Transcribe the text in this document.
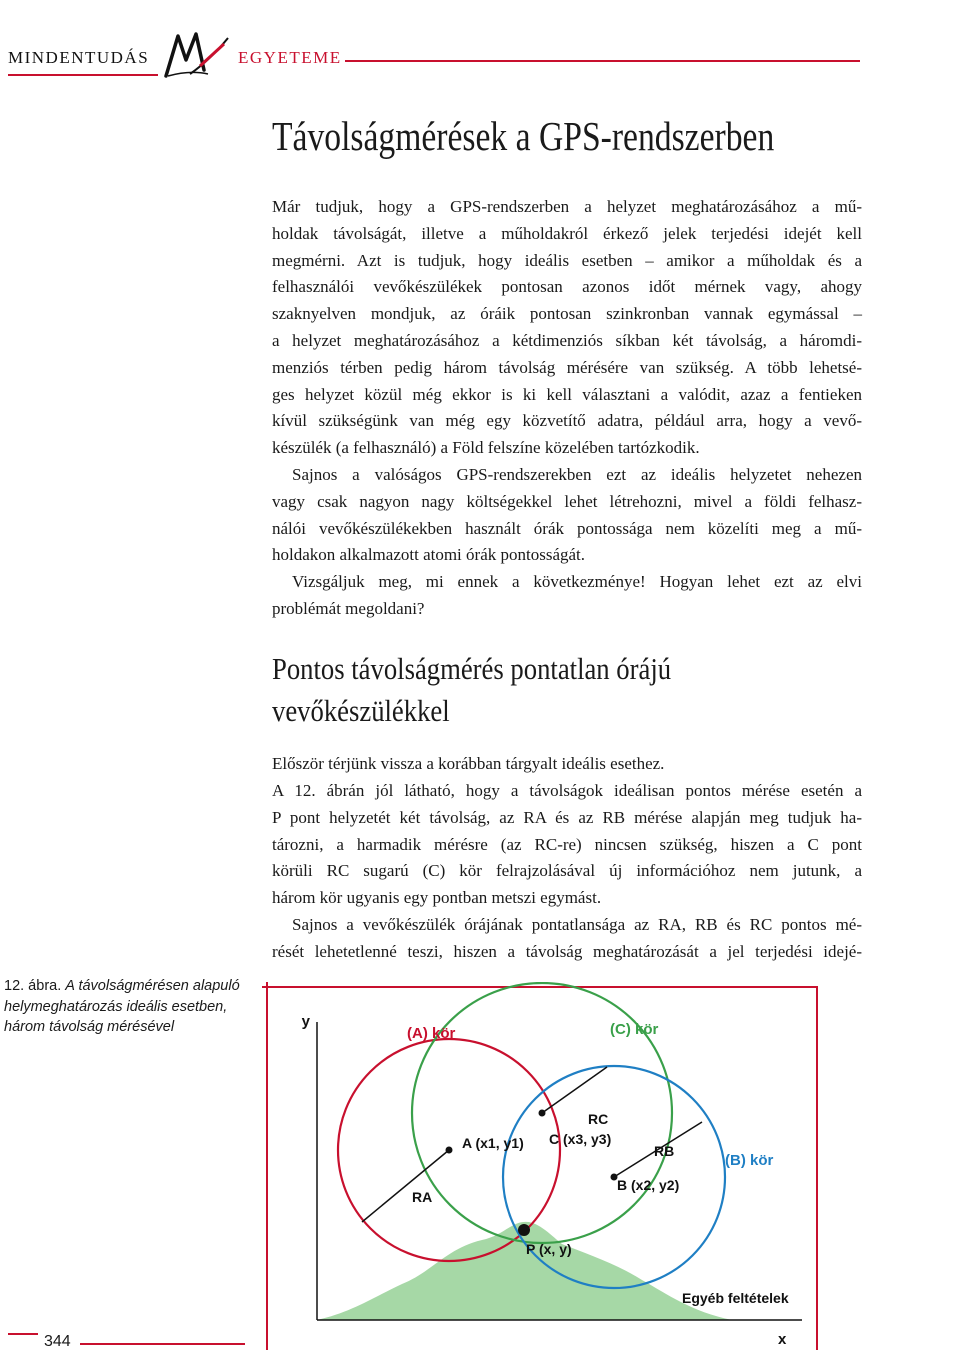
MINDENTUDÁS	EGYETEME
Távolságmérések a GPS-rendszerben
Már tudjuk, hogy a GPS-rendszerben a helyzet meghatározásához a mű-
holdak távolságát, illetve a műholdakról érkező jelek terjedési idejét kell
megmérni. Azt is tudjuk, hogy ideális esetben – amikor a műholdak és a
felhasználói vevőkészülékek pontosan azonos időt mérnek vagy, ahogy
szaknyelven mondjuk, az óráik pontosan szinkronban vannak egymással –
a helyzet meghatározásához a kétdimenziós síkban két távolság, a háromdi-
menziós térben pedig három távolság mérésére van szükség. A több lehetsé-
ges helyzet közül még ekkor is ki kell választani a valódit, azaz a fentieken
kívül szükségünk van még egy közvetítő adatra, például arra, hogy a vevő-
készülék (a felhasználó) a Föld felszíne közelében tartózkodik.
Sajnos a valóságos GPS-rendszerekben ezt az ideális helyzetet nehezen
vagy csak nagyon nagy költségekkel lehet létrehozni, mivel a földi felhasz-
nálói vevőkészülékekben használt órák pontossága nem közelíti meg a mű-
holdakon alkalmazott atomi órák pontosságát.
Vizsgáljuk meg, mi ennek a következménye! Hogyan lehet ezt az elvi
problémát megoldani?
Pontos távolságmérés pontatlan órájú
vevőkészülékkel
Először térjünk vissza a korábban tárgyalt ideális esethez.
A 12. ábrán jól látható, hogy a távolságok ideálisan pontos mérése esetén a
P pont helyzetét két távolság, az RA és az RB mérése alapján meg tudjuk ha-
tározni, a harmadik mérésre (az RC-re) nincsen szükség, hiszen a C pont
körüli RC sugarú (C) kör felrajzolásával új információhoz nem jutunk, a
három kör ugyanis egy pontban metszi egymást.
Sajnos a vevőkészülék órájának pontatlansága az RA, RB és RC pontos mé-
rését lehetetlenné teszi, hiszen a távolság meghatározását a jel terjedési idejé-
12. ábra. A távolságmérésen alapuló helymeghatározás ideális esetben, három távolság mérésével	y
x
(A) kör	(C) kör
(B) kör
A (x1, y1) C (x3, y3)
B (x2, y2)
P (x, y)
RA
RC
RB
Egyéb feltételek
344
